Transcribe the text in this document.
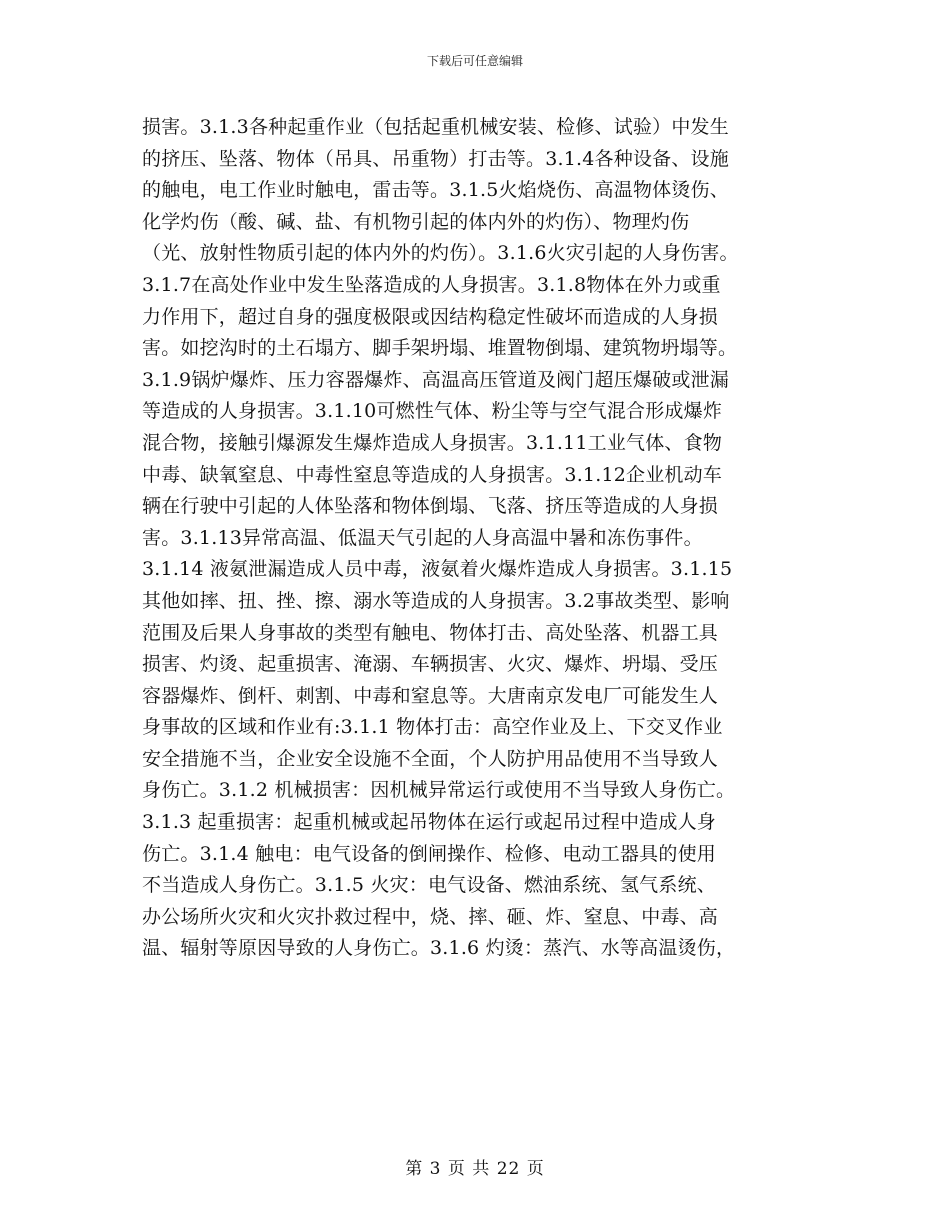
下载后可任意编辑
损害。3.1.3各种起重作业（包括起重机械安装、检修、试验）中发生
的挤压、坠落、物体（吊具、吊重物）打击等。3.1.4各种设备、设施
的触电，电工作业时触电，雷击等。3.1.5火焰烧伤、高温物体烫伤、
化学灼伤（酸、碱、盐、有机物引起的体内外的灼伤）、物理灼伤
（光、放射性物质引起的体内外的灼伤）。3.1.6火灾引起的人身伤害。
3.1.7在高处作业中发生坠落造成的人身损害。3.1.8物体在外力或重
力作用下，超过自身的强度极限或因结构稳定性破坏而造成的人身损
害。如挖沟时的土石塌方、脚手架坍塌、堆置物倒塌、建筑物坍塌等。
3.1.9锅炉爆炸、压力容器爆炸、高温高压管道及阀门超压爆破或泄漏
等造成的人身损害。3.1.10可燃性气体、粉尘等与空气混合形成爆炸
混合物，接触引爆源发生爆炸造成人身损害。3.1.11工业气体、食物
中毒、缺氧窒息、中毒性窒息等造成的人身损害。3.1.12企业机动车
辆在行驶中引起的人体坠落和物体倒塌、飞落、挤压等造成的人身损
害。3.1.13异常高温、低温天气引起的人身高温中暑和冻伤事件。
3.1.14 液氨泄漏造成人员中毒，液氨着火爆炸造成人身损害。3.1.15
其他如摔、扭、挫、擦、溺水等造成的人身损害。3.2事故类型、影响
范围及后果人身事故的类型有触电、物体打击、高处坠落、机器工具
损害、灼烫、起重损害、淹溺、车辆损害、火灾、爆炸、坍塌、受压
容器爆炸、倒杆、刺割、中毒和窒息等。大唐南京发电厂可能发生人
身事故的区域和作业有:3.1.1 物体打击：高空作业及上、下交叉作业
安全措施不当，企业安全设施不全面，个人防护用品使用不当导致人
身伤亡。3.1.2 机械损害：因机械异常运行或使用不当导致人身伤亡。
3.1.3 起重损害：起重机械或起吊物体在运行或起吊过程中造成人身
伤亡。3.1.4 触电：电气设备的倒闸操作、检修、电动工器具的使用
不当造成人身伤亡。3.1.5 火灾：电气设备、燃油系统、氢气系统、
办公场所火灾和火灾扑救过程中，烧、摔、砸、炸、窒息、中毒、高
温、辐射等原因导致的人身伤亡。3.1.6 灼烫：蒸汽、水等高温烫伤，
第 3 页 共 22 页
